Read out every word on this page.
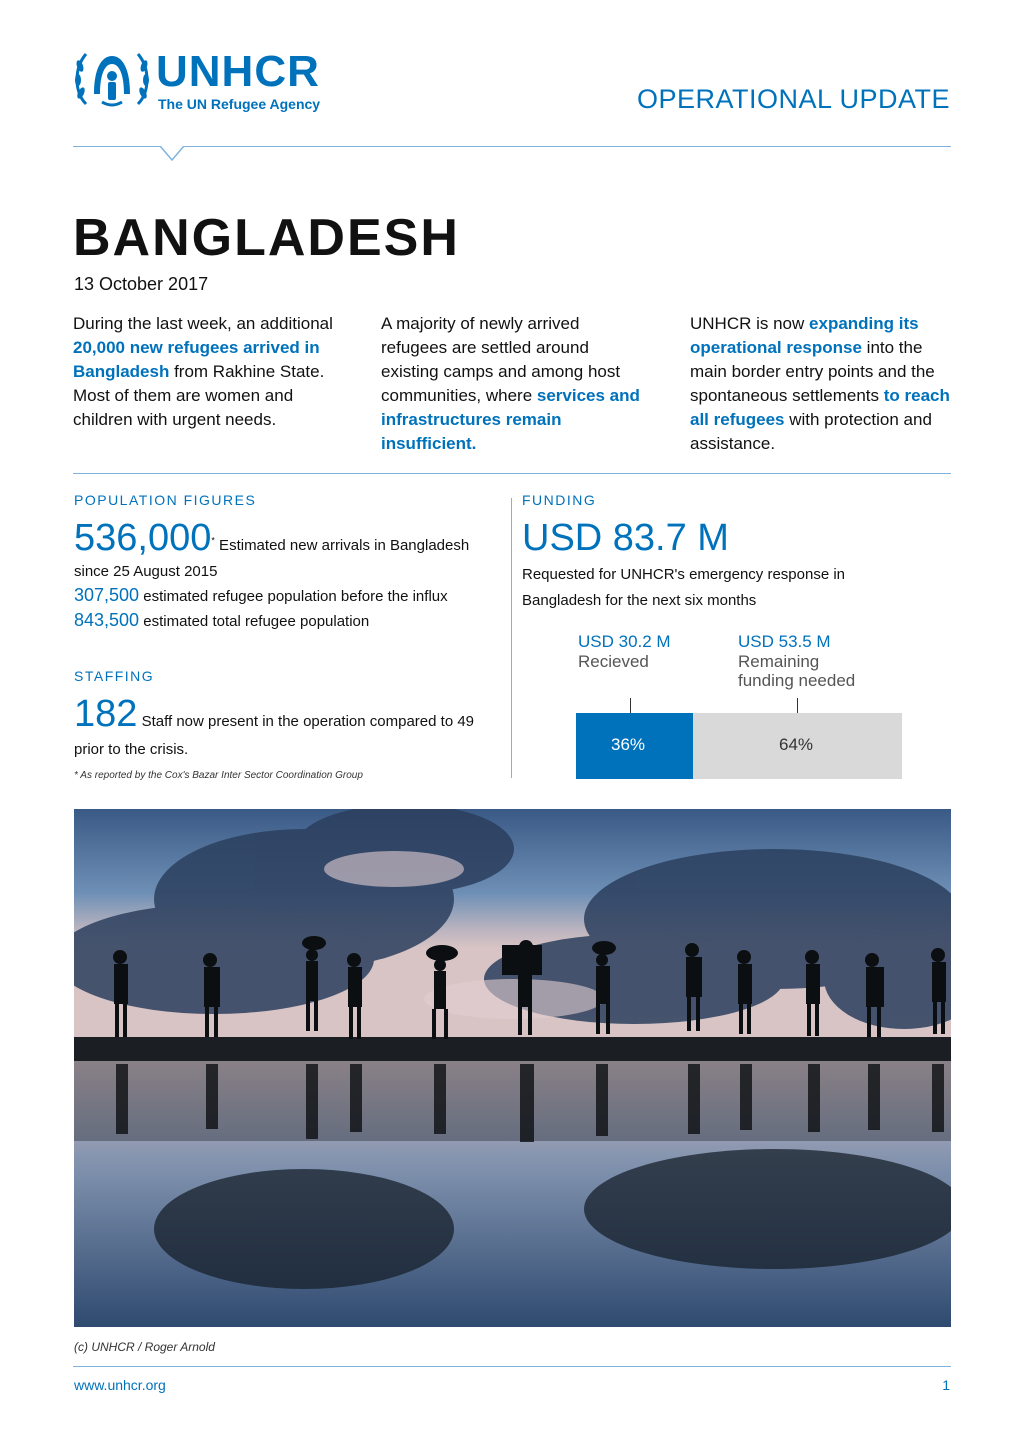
UNHCR
The UN Refugee Agency	OPERATIONAL UPDATE
BANGLADESH
13 October 2017
During the last week, an additional 20,000 new refugees arrived in Bangladesh from Rakhine State. Most of them are women and children with urgent needs.
A majority of newly arrived refugees are settled around existing camps and among host communities, where services and infrastructures remain insufficient.
UNHCR is now expanding its operational response into the main border entry points and the spontaneous settlements to reach all refugees with protection and assistance.
POPULATION FIGURES
536,000* Estimated new arrivals in Bangladesh since 25 August 2015
307,500 estimated refugee population before the influx
843,500 estimated total refugee population
STAFFING
182 Staff now present in the operation compared to 49 prior to the crisis.
* As reported by the Cox's Bazar Inter Sector Coordination Group
FUNDING
USD 83.7 M
Requested for UNHCR's emergency response in Bangladesh for the next six months
USD 30.2 M
Recieved
USD 53.5 M
Remaining
funding needed
36%	64%
(c) UNHCR / Roger Arnold
www.unhcr.org	1
